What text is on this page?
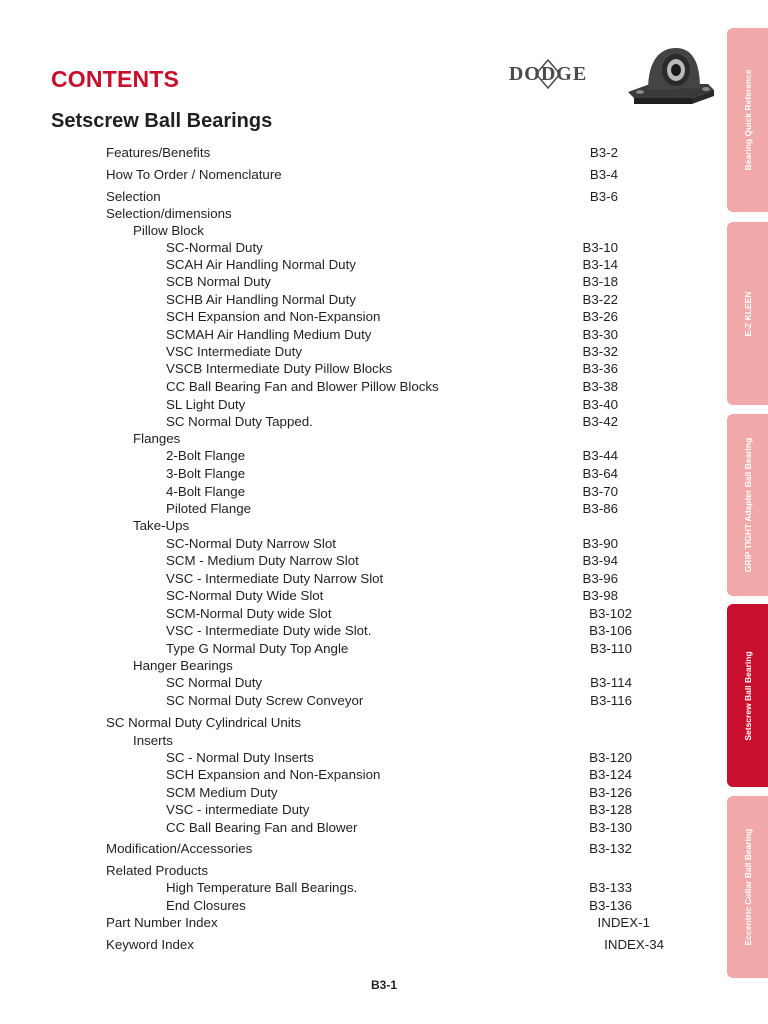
CONTENTS	DODGE
Setscrew Ball Bearings
Features/Benefits	B3-2
How To Order / Nomenclature	B3-4
Selection	B3-6
Selection/dimensions
Pillow Block
SC-Normal Duty	B3-10
SCAH Air Handling Normal Duty	B3-14
SCB Normal Duty	B3-18
SCHB Air Handling Normal Duty	B3-22
SCH Expansion and Non-Expansion	B3-26
SCMAH Air Handling Medium Duty	B3-30
VSC Intermediate Duty	B3-32
VSCB Intermediate Duty Pillow Blocks	B3-36
CC Ball Bearing Fan and Blower Pillow Blocks	B3-38
SL Light Duty	B3-40
SC Normal Duty Tapped.	B3-42
Flanges
2-Bolt Flange	B3-44
3-Bolt Flange	B3-64
4-Bolt Flange	B3-70
Piloted Flange	B3-86
Take-Ups
SC-Normal Duty Narrow Slot	B3-90
SCM - Medium Duty Narrow Slot	B3-94
VSC - Intermediate Duty Narrow Slot	B3-96
SC-Normal Duty Wide Slot	B3-98
SCM-Normal Duty wide Slot	B3-102
VSC - Intermediate Duty wide Slot.	B3-106
Type G Normal Duty Top Angle	B3-110
Hanger Bearings
SC Normal Duty	B3-114
SC Normal Duty Screw Conveyor	B3-116
SC Normal Duty Cylindrical Units
Inserts
SC - Normal Duty Inserts	B3-120
SCH Expansion and Non-Expansion	B3-124
SCM Medium Duty	B3-126
VSC - intermediate Duty	B3-128
CC Ball Bearing Fan and Blower	B3-130
Modification/Accessories	B3-132
Related Products
High Temperature Ball Bearings.	B3-133
End Closures	B3-136
Part Number Index	INDEX-1
Keyword Index	INDEX-34
B3-1
Bearing Quick Reference
E-Z KLEEN
GRIP TIGHT Adapter Ball Bearing
Setscrew Ball Bearing
Eccentric Collar Ball Bearing
